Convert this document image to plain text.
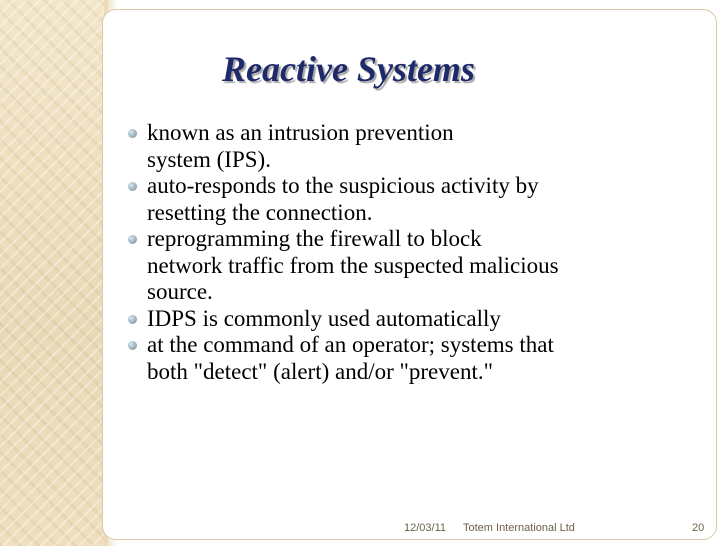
Reactive Systems
known as an intrusion prevention
system (IPS).
auto-responds to the suspicious activity by
resetting the connection.
reprogramming the firewall to block
network traffic from the suspected malicious
source.
IDPS is commonly used automatically
at the command of an operator; systems that
both "detect" (alert) and/or "prevent."
12/03/11 Totem International Ltd	20
